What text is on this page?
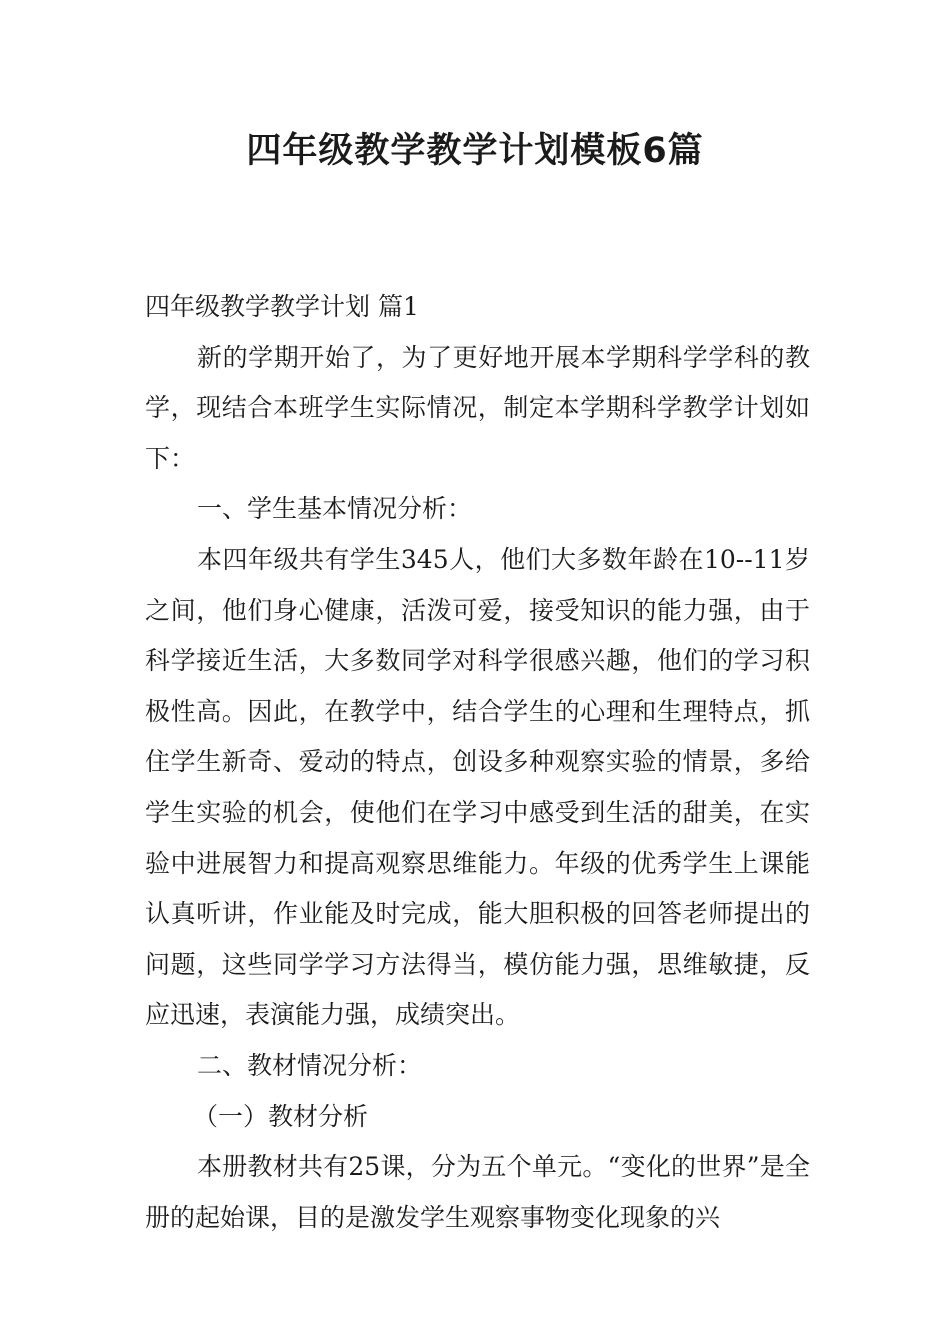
四年级教学教学计划模板6篇

四年级教学教学计划 篇1

新的学期开始了，为了更好地开展本学期科学学科的教学，现结合本班学生实际情况，制定本学期科学教学计划如下：

一、学生基本情况分析：

本四年级共有学生345人，他们大多数年龄在10--11岁之间，他们身心健康，活泼可爱，接受知识的能力强，由于科学接近生活，大多数同学对科学很感兴趣，他们的学习积极性高。因此，在教学中，结合学生的心理和生理特点，抓住学生新奇、爱动的特点，创设多种观察实验的情景，多给学生实验的机会，使他们在学习中感受到生活的甜美，在实验中进展智力和提高观察思维能力。年级的优秀学生上课能认真听讲，作业能及时完成，能大胆积极的回答老师提出的问题，这些同学学习方法得当，模仿能力强，思维敏捷，反应迅速，表演能力强，成绩突出。

二、教材情况分析：

（一）教材分析

本册教材共有25课，分为五个单元。“变化的世界”是全册的起始课，目的是激发学生观察事物变化现象的兴
